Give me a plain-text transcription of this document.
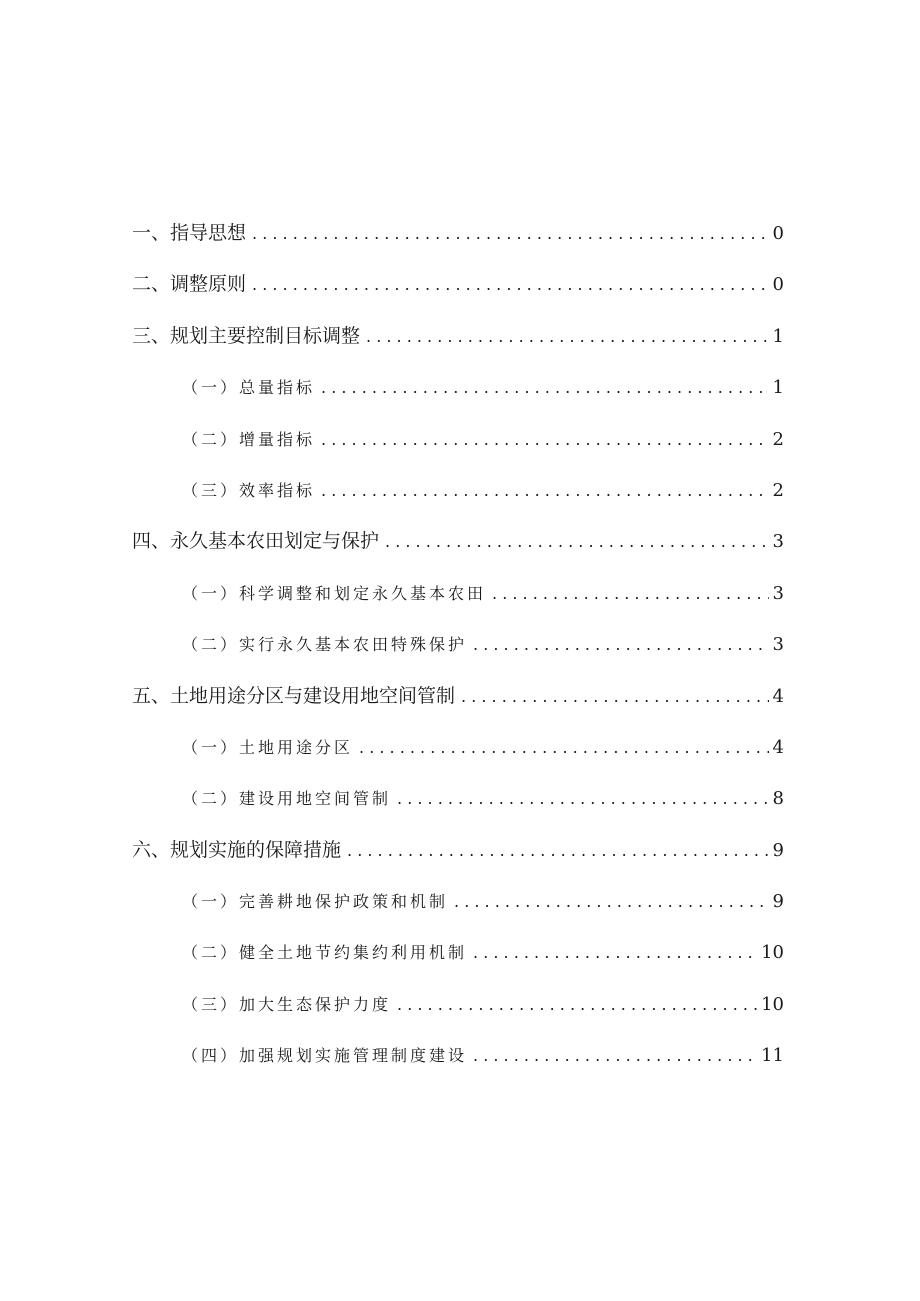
一、指导思想 . . .	0
二、调整原则 . . .	0
三、规划主要控制目标调整 . . .	1
（一）总量指标 . . .	1
（二）增量指标 . . .	2
（三）效率指标 . . .	2
四、永久基本农田划定与保护 . . .	3
（一）科学调整和划定永久基本农田 . . .	3
（二）实行永久基本农田特殊保护 . . .	3
五、土地用途分区与建设用地空间管制 . . .	4
（一）土地用途分区 . . .	4
（二）建设用地空间管制 . . .	8
六、规划实施的保障措施 . . .	9
（一）完善耕地保护政策和机制 . . .	9
（二）健全土地节约集约利用机制 . . .	10
（三）加大生态保护力度 . . .	10
（四）加强规划实施管理制度建设 . . .	11
